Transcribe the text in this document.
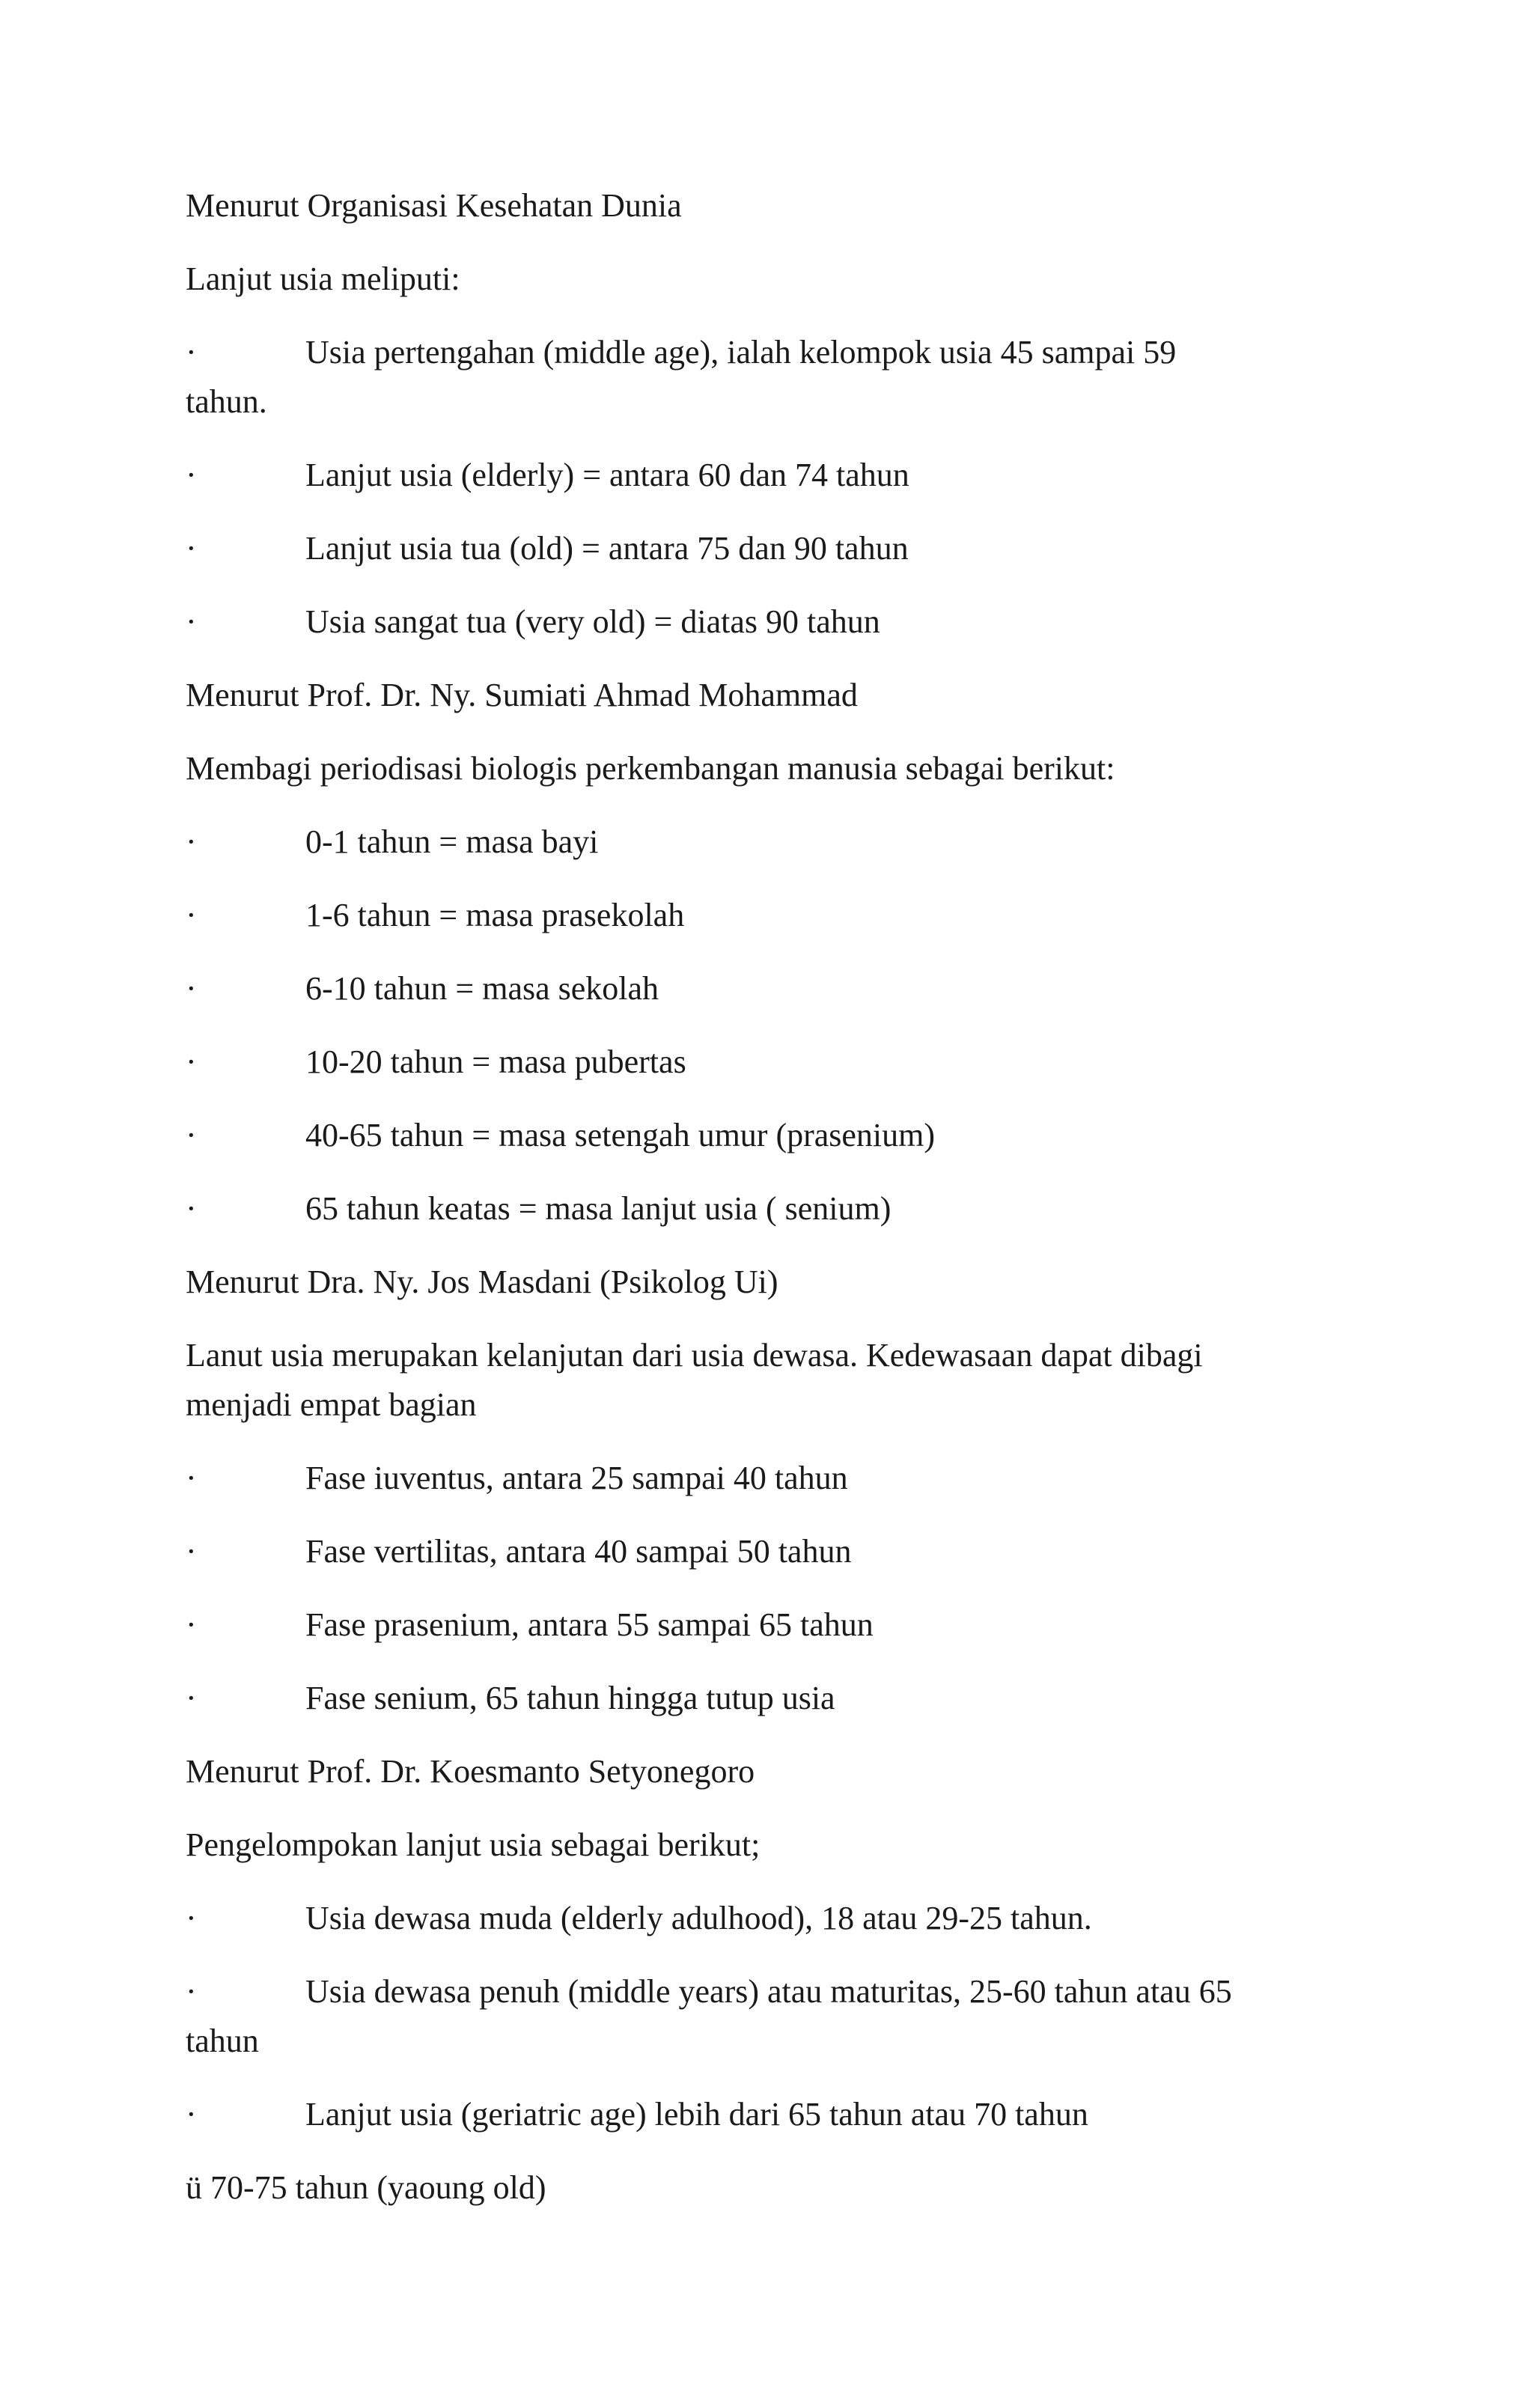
Menurut Organisasi Kesehatan Dunia
Lanjut usia meliputi:
·	Usia pertengahan (middle age), ialah kelompok usia 45 sampai 59
tahun.
·	Lanjut usia (elderly) = antara 60 dan 74 tahun
·	Lanjut usia tua (old) = antara 75 dan 90 tahun
·	Usia sangat tua (very old) = diatas 90 tahun
Menurut Prof. Dr. Ny. Sumiati Ahmad Mohammad
Membagi periodisasi biologis perkembangan manusia sebagai berikut:
·	0-1 tahun = masa bayi
·	1-6 tahun = masa prasekolah
·	6-10 tahun = masa sekolah
·	10-20 tahun = masa pubertas
·	40-65 tahun = masa setengah umur (prasenium)
·	65 tahun keatas = masa lanjut usia ( senium)
Menurut Dra. Ny. Jos Masdani (Psikolog Ui)
Lanut usia merupakan kelanjutan dari usia dewasa. Kedewasaan dapat dibagi
menjadi empat bagian
·	Fase iuventus, antara 25 sampai 40 tahun
·	Fase vertilitas, antara 40 sampai 50 tahun
·	Fase prasenium, antara 55 sampai 65 tahun
·	Fase senium, 65 tahun hingga tutup usia
Menurut Prof. Dr. Koesmanto Setyonegoro
Pengelompokan lanjut usia sebagai berikut;
·	Usia dewasa muda (elderly adulhood), 18 atau 29-25 tahun.
·	Usia dewasa penuh (middle years) atau maturitas, 25-60 tahun atau 65
tahun
·	Lanjut usia (geriatric age) lebih dari 65 tahun atau 70 tahun
ü 70-75 tahun (yaoung old)
